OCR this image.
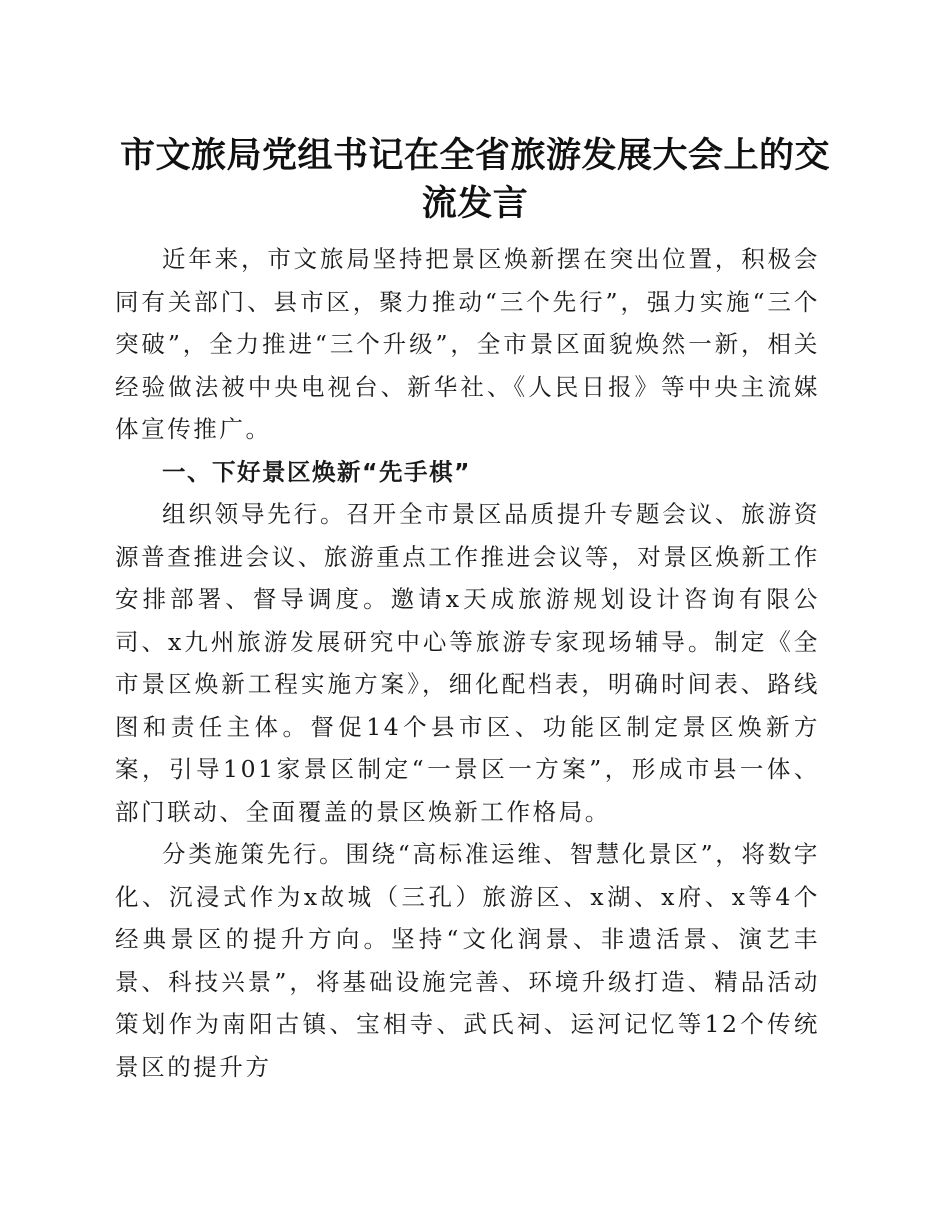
市文旅局党组书记在全省旅游发展大会上的交
流发言

近年来，市文旅局坚持把景区焕新摆在突出位置，积极会同有关部门、县市区，聚力推动“三个先行”，强力实施“三个突破”，全力推进“三个升级”，全市景区面貌焕然一新，相关经验做法被中央电视台、新华社、《人民日报》等中央主流媒体宣传推广。

一、下好景区焕新“先手棋”

组织领导先行。召开全市景区品质提升专题会议、旅游资源普查推进会议、旅游重点工作推进会议等，对景区焕新工作安排部署、督导调度。邀请x天成旅游规划设计咨询有限公司、x九州旅游发展研究中心等旅游专家现场辅导。制定《全市景区焕新工程实施方案》，细化配档表，明确时间表、路线图和责任主体。督促14个县市区、功能区制定景区焕新方案，引导101家景区制定“一景区一方案”，形成市县一体、部门联动、全面覆盖的景区焕新工作格局。

分类施策先行。围绕“高标准运维、智慧化景区”，将数字化、沉浸式作为x故城（三孔）旅游区、x湖、x府、x等4个经典景区的提升方向。坚持“文化润景、非遗活景、演艺丰景、科技兴景”，将基础设施完善、环境升级打造、精品活动策划作为南阳古镇、宝相寺、武氏祠、运河记忆等12个传统景区的提升方
